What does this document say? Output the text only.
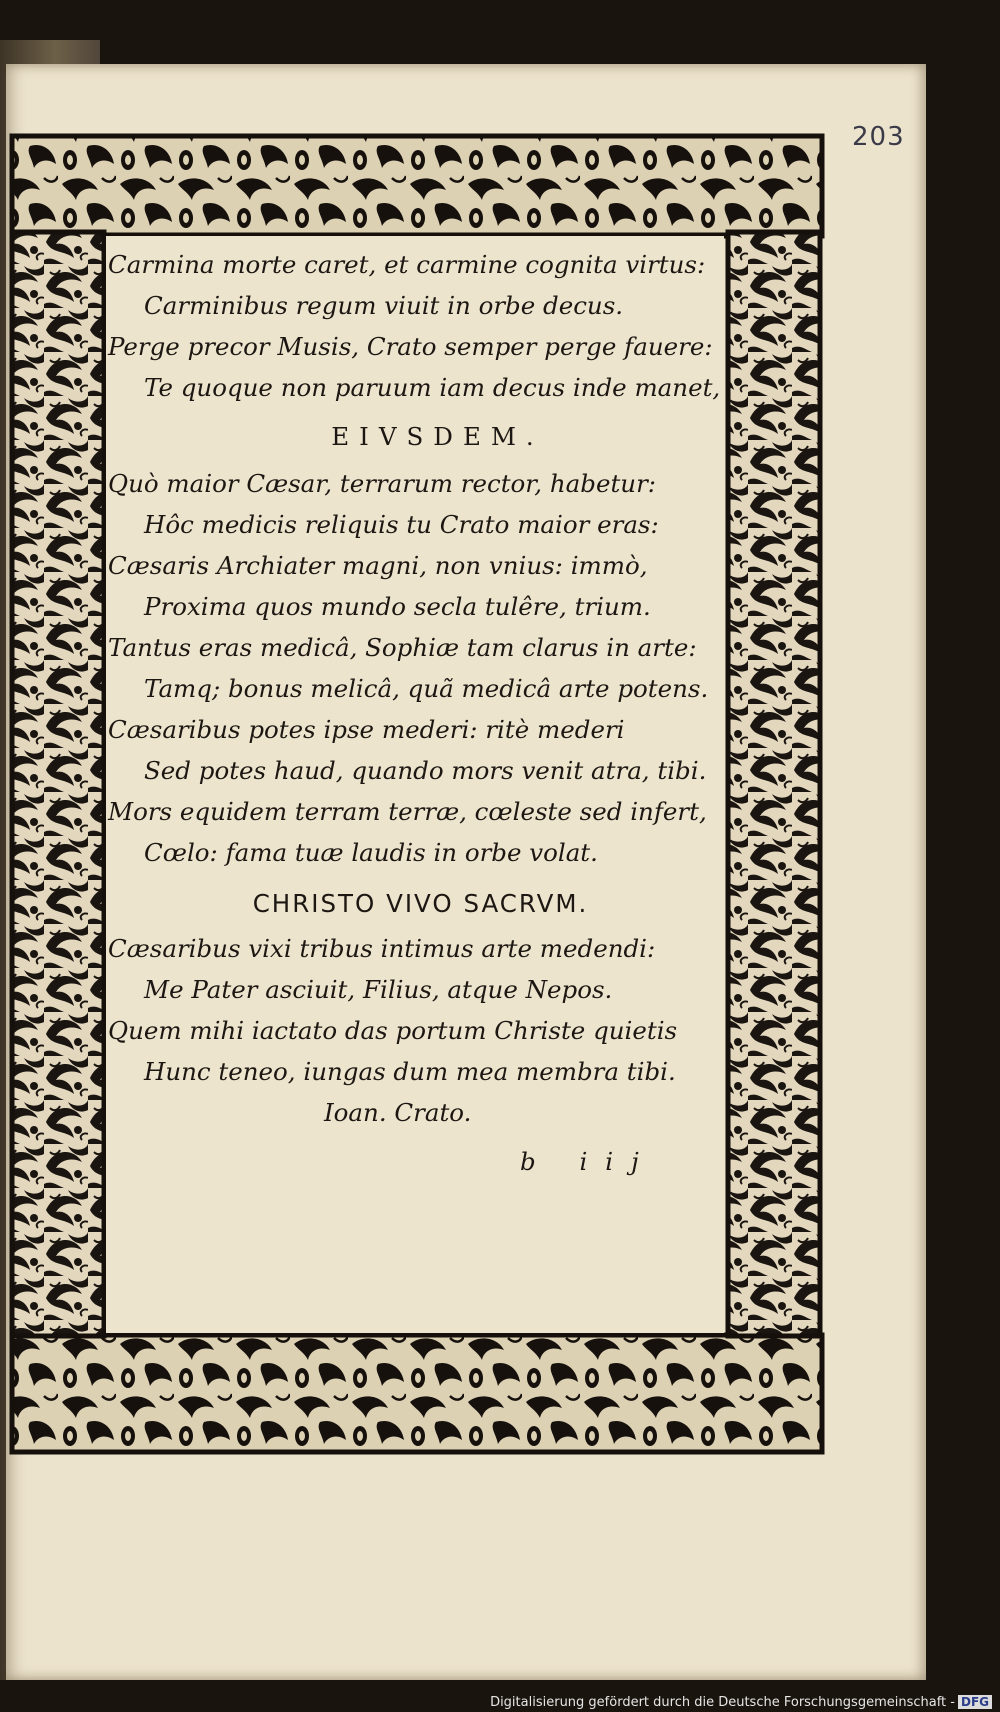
203
Carmina morte caret, et carmine cognita virtus:
Carminibus regum viuit in orbe decus.
Perge precor Musis, Crato semper perge fauere:
Te quoque non paruum iam decus inde manet,
EIVSDEM.
Quò maior Cæsar, terrarum rector, habetur:
Hôc medicis reliquis tu Crato maior eras:
Cæsaris Archiater magni, non vnius: immò,
Proxima quos mundo secla tulêre, trium.
Tantus eras medicâ, Sophiæ tam clarus in arte:
Tamq; bonus melicâ, quã medicâ arte potens.
Cæsaribus potes ipse mederi: ritè mederi
Sed potes haud, quando mors venit atra, tibi.
Mors equidem terram terræ, cœleste sed infert,
Cœlo: fama tuæ laudis in orbe volat.
CHRISTO VIVO SACRVM.
Cæsaribus vixi tribus intimus arte medendi:
Me Pater asciuit, Filius, atque Nepos.
Quem mihi iactato das portum Christe quietis
Hunc teneo, iungas dum mea membra tibi.
Ioan. Crato.
b iij
Digitalisierung gefördert durch die Deutsche Forschungsgemeinschaft - DFG
